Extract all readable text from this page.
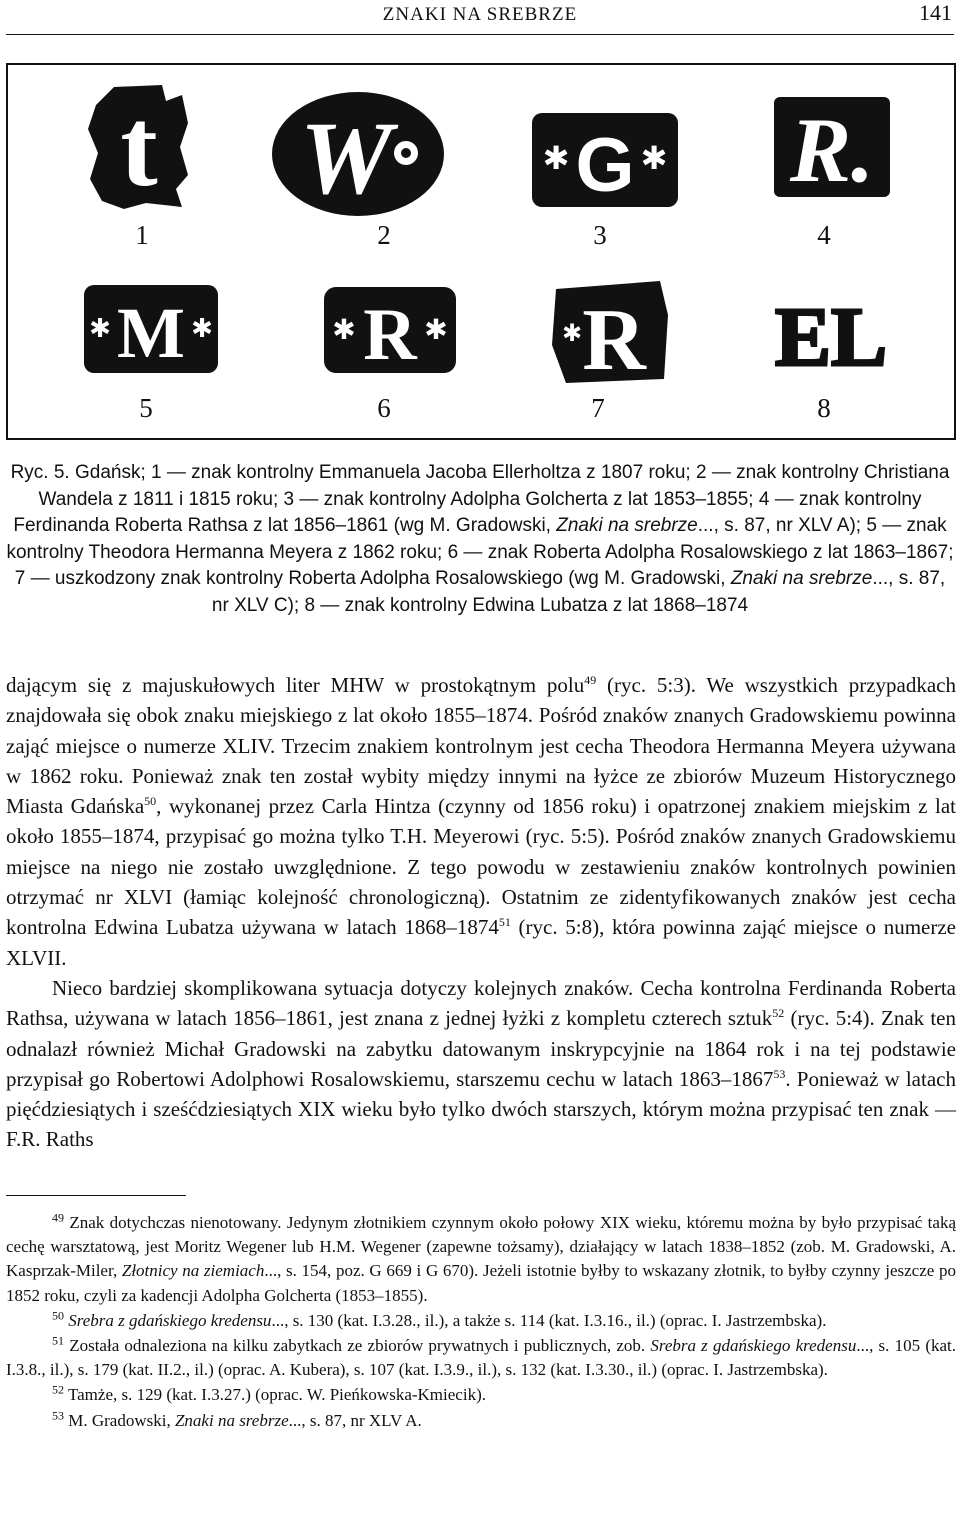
ZNAKI NA SREBRZE	141
t W	✱ ✱
G R.
✱	✱
M	✱ ✱
R	✱ R EL
1	2	3	4
5	6	7	8
Ryc. 5. Gdańsk; 1 — znak kontrolny Emmanuela Jacoba Ellerholtza z 1807 roku; 2 — znak kontrolny Christiana Wandela z 1811 i 1815 roku; 3 — znak kontrolny Adolpha Golcherta z lat 1853–1855; 4 — znak kontrolny Ferdinanda Roberta Rathsa z lat 1856–1861 (wg M. Gradowski, Znaki na srebrze..., s. 87, nr XLV A); 5 — znak kontrolny Theodora Hermanna Meyera z 1862 roku; 6 — znak Roberta Adolpha Rosalowskiego z lat 1863–1867; 7 — uszkodzony znak kontrolny Roberta Adolpha Rosalowskiego (wg M. Gradowski, Znaki na srebrze..., s. 87, nr XLV C); 8 — znak kontrolny Edwina Lubatza z lat 1868–1874

dającym się z majuskułowych liter MHW w prostokątnym polu$^{49}$ (ryc. 5:3). We wszystkich przypadkach znajdowała się obok znaku miejskiego z lat około 1855–1874. Pośród znaków znanych Gradowskiemu powinna zająć miejsce o numerze XLIV. Trzecim znakiem kontrolnym jest cecha Theodora Hermanna Meyera używana w 1862 roku. Ponieważ znak ten został wybity między innymi na łyżce ze zbiorów Muzeum Historycznego Miasta Gdańska$^{50}$, wykonanej przez Carla Hintza (czynny od 1856 roku) i opatrzonej znakiem miejskim z lat około 1855–1874, przypisać go można tylko T.H. Meyerowi (ryc. 5:5). Pośród znaków znanych Gradowskiemu miejsce na niego nie zostało uwzględnione. Z tego powodu w zestawieniu znaków kontrolnych powinien otrzymać nr XLVI (łamiąc kolejność chronologiczną). Ostatnim ze zidentyfikowanych znaków jest cecha kontrolna Edwina Lubatza używana w latach 1868–1874$^{51}$ (ryc. 5:8), która powinna zająć miejsce o numerze XLVII.

Nieco bardziej skomplikowana sytuacja dotyczy kolejnych znaków. Cecha kontrolna Ferdinanda Roberta Rathsa, używana w latach 1856–1861, jest znana z jednej łyżki z kompletu czterech sztuk$^{52}$ (ryc. 5:4). Znak ten odnalazł również Michał Gradowski na zabytku datowanym inskrypcyjnie na 1864 rok i na tej podstawie przypisał go Robertowi Adolphowi Rosalowskiemu, starszemu cechu w latach 1863–1867$^{53}$. Ponieważ w latach pięćdziesiątych i sześćdziesiątych XIX wieku było tylko dwóch starszych, którym można przypisać ten znak — F.R. Raths

$^{49}$ Znak dotychczas nienotowany. Jedynym złotnikiem czynnym około połowy XIX wieku, któremu można by było przypisać taką cechę warsztatową, jest Moritz Wegener lub H.M. Wegener (zapewne tożsamy), działający w latach 1838–1852 (zob. M. Gradowski, A. Kasprzak-Miler, Złotnicy na ziemiach..., s. 154, poz. G 669 i G 670). Jeżeli istotnie byłby to wskazany złotnik, to byłby czynny jeszcze po 1852 roku, czyli za kadencji Adolpha Golcherta (1853–1855).

$^{50}$ Srebra z gdańskiego kredensu..., s. 130 (kat. I.3.28., il.), a także s. 114 (kat. I.3.16., il.) (oprac. I. Jastrzembska).

$^{51}$ Została odnaleziona na kilku zabytkach ze zbiorów prywatnych i publicznych, zob. Srebra z gdańskiego kredensu..., s. 105 (kat. I.3.8., il.), s. 179 (kat. II.2., il.) (oprac. A. Kubera), s. 107 (kat. I.3.9., il.), s. 132 (kat. I.3.30., il.) (oprac. I. Jastrzembska).

$^{52}$ Tamże, s. 129 (kat. I.3.27.) (oprac. W. Pieńkowska-Kmiecik).

$^{53}$ M. Gradowski, Znaki na srebrze..., s. 87, nr XLV A.
